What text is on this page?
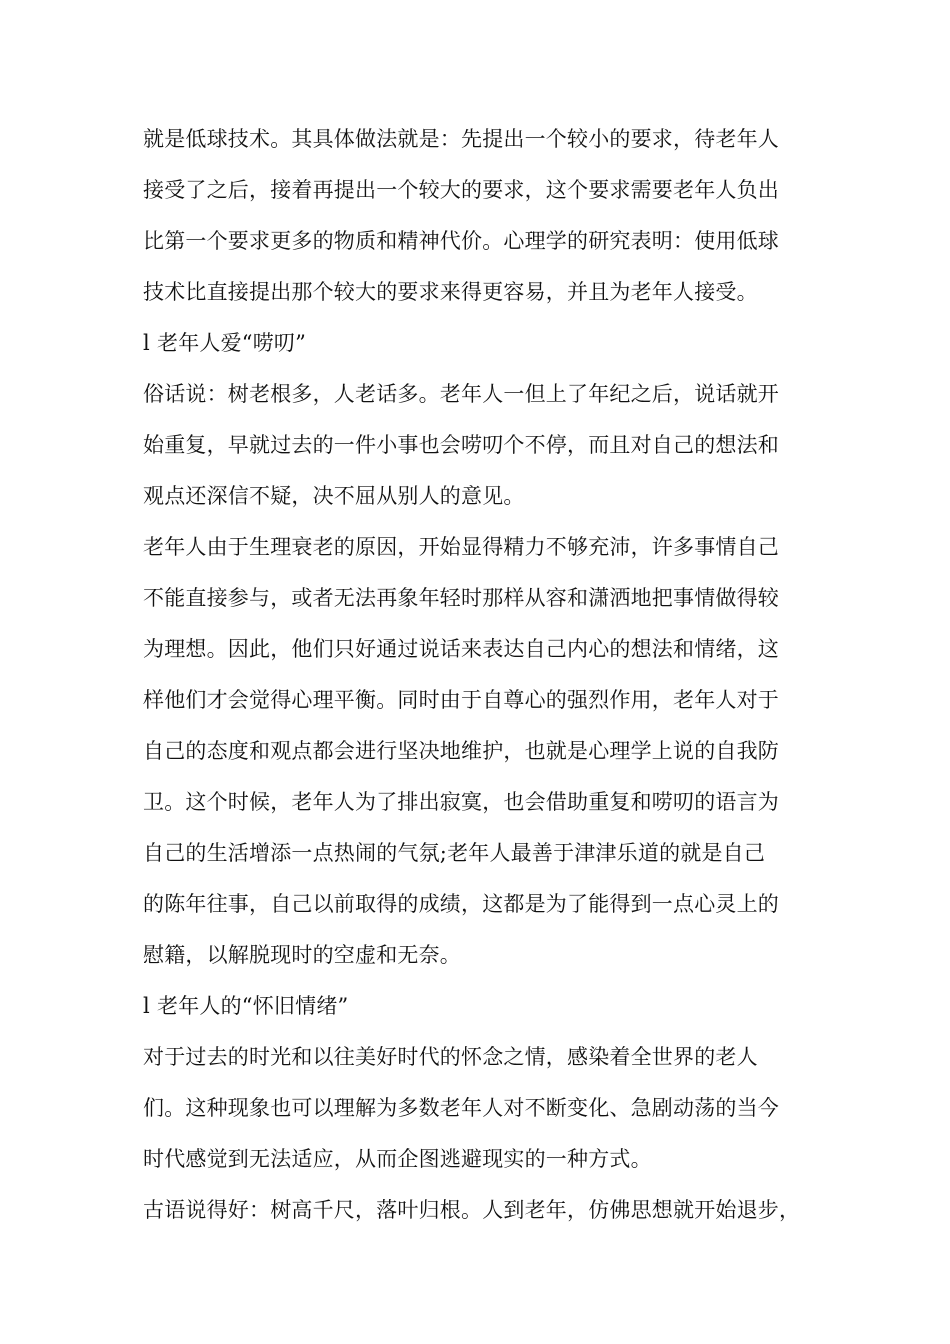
就是低球技术。其具体做法就是：先提出一个较小的要求，待老年人
接受了之后，接着再提出一个较大的要求，这个要求需要老年人负出
比第一个要求更多的物质和精神代价。心理学的研究表明：使用低球
技术比直接提出那个较大的要求来得更容易，并且为老年人接受。
l 老年人爱“唠叨”
俗话说：树老根多，人老话多。老年人一但上了年纪之后，说话就开
始重复，早就过去的一件小事也会唠叨个不停，而且对自己的想法和
观点还深信不疑，决不屈从别人的意见。
老年人由于生理衰老的原因，开始显得精力不够充沛，许多事情自己
不能直接参与，或者无法再象年轻时那样从容和潇洒地把事情做得较
为理想。因此，他们只好通过说话来表达自己内心的想法和情绪，这
样他们才会觉得心理平衡。同时由于自尊心的强烈作用，老年人对于
自己的态度和观点都会进行坚决地维护，也就是心理学上说的自我防
卫。这个时候，老年人为了排出寂寞，也会借助重复和唠叨的语言为
自己的生活增添一点热闹的气氛;老年人最善于津津乐道的就是自己
的陈年往事，自己以前取得的成绩，这都是为了能得到一点心灵上的
慰籍，以解脱现时的空虚和无奈。
l 老年人的“怀旧情绪”
对于过去的时光和以往美好时代的怀念之情，感染着全世界的老人
们。这种现象也可以理解为多数老年人对不断变化、急剧动荡的当今
时代感觉到无法适应，从而企图逃避现实的一种方式。
古语说得好：树高千尺，落叶归根。人到老年，仿佛思想就开始退步，
